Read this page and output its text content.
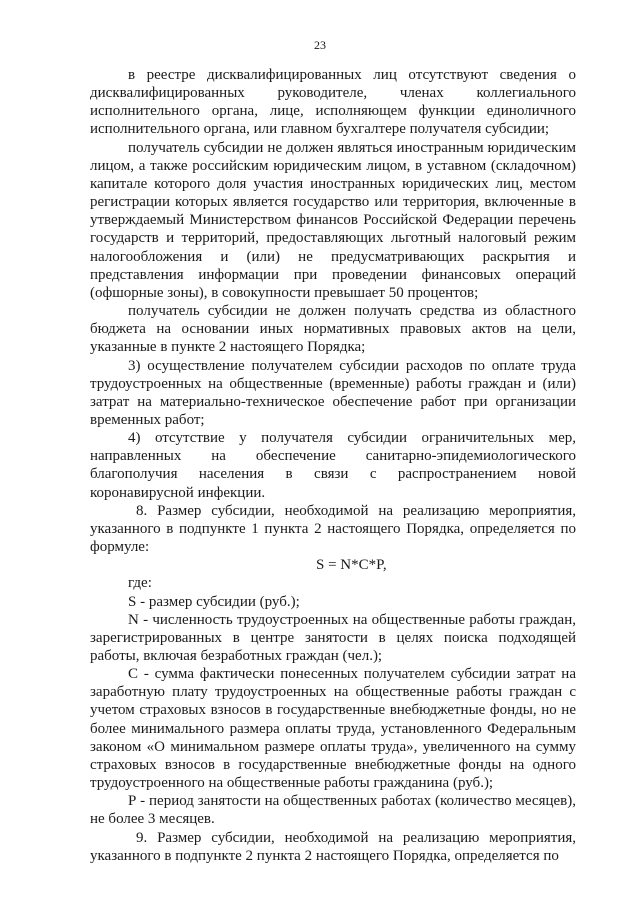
23

в реестре дисквалифицированных лиц отсутствуют сведения о дисквалифицированных руководителе, членах коллегиального исполнительного органа, лице, исполняющем функции единоличного исполнительного органа, или главном бухгалтере получателя субсидии;

получатель субсидии не должен являться иностранным юридическим лицом, а также российским юридическим лицом, в уставном (складочном) капитале которого доля участия иностранных юридических лиц, местом регистрации которых является государство или территория, включенные в утверждаемый Министерством финансов Российской Федерации перечень государств и территорий, предоставляющих льготный налоговый режим налогообложения и (или) не предусматривающих раскрытия и представления информации при проведении финансовых операций (офшорные зоны), в совокупности превышает 50 процентов;

получатель субсидии не должен получать средства из областного бюджета на основании иных нормативных правовых актов на цели, указанные в пункте 2 настоящего Порядка;

3) осуществление получателем субсидии расходов по оплате труда трудоустроенных на общественные (временные) работы граждан и (или) затрат на материально-техническое обеспечение работ при организации временных работ;

4) отсутствие у получателя субсидии ограничительных мер, направленных на обеспечение санитарно-эпидемиологического благополучия населения в связи с распространением новой коронавирусной инфекции.

8. Размер субсидии, необходимой на реализацию мероприятия, указанного в подпункте 1 пункта 2 настоящего Порядка, определяется по формуле:

S = N*C*P,

где:

S - размер субсидии (руб.);

N - численность трудоустроенных на общественные работы граждан, зарегистрированных в центре занятости в целях поиска подходящей работы, включая безработных граждан (чел.);

С - сумма фактически понесенных получателем субсидии затрат на заработную плату трудоустроенных на общественные работы граждан с учетом страховых взносов в государственные внебюджетные фонды, но не более минимального размера оплаты труда, установленного Федеральным законом «О минимальном размере оплаты труда», увеличенного на сумму страховых взносов в государственные внебюджетные фонды на одного трудоустроенного на общественные работы гражданина (руб.);

Р - период занятости на общественных работах (количество месяцев), не более 3 месяцев.

9. Размер субсидии, необходимой на реализацию мероприятия, указанного в подпункте 2 пункта 2 настоящего Порядка, определяется по
